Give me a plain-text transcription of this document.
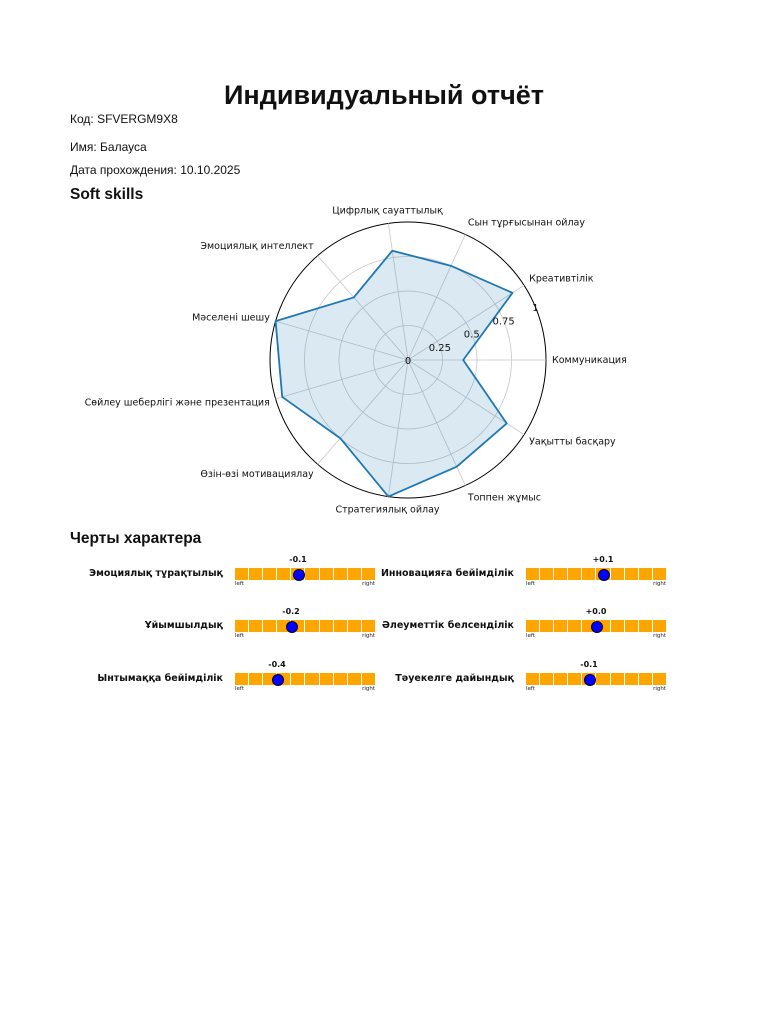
Индивидуальный отчёт
Код: SFVERGM9X8
Имя: Балауса
Дата прохождения: 10.10.2025
Soft skills
Коммуникация
Креативтілік
Сын тұрғысынан ойлау
Цифрлық сауаттылық
Эмоциялық интеллект
Мәселені шешу
Сөйлеу шеберлігі және презентация
Өзін-өзі мотивациялау
Стратегиялық ойлау
Топпен жұмыс
Уақытты басқару
0
0.25
0.5
0.75
1
Черты характера
Эмоциялық тұрақтылық
-0.1
left	right
Инновацияға бейімділік
+0.1
left	right
Ұйымшылдық
-0.2
left	right
Әлеуметтік белсенділік
+0.0
left	right
Ынтымаққа бейімділік
-0.4
left	right
Тәуекелге дайындық
-0.1
left	right
